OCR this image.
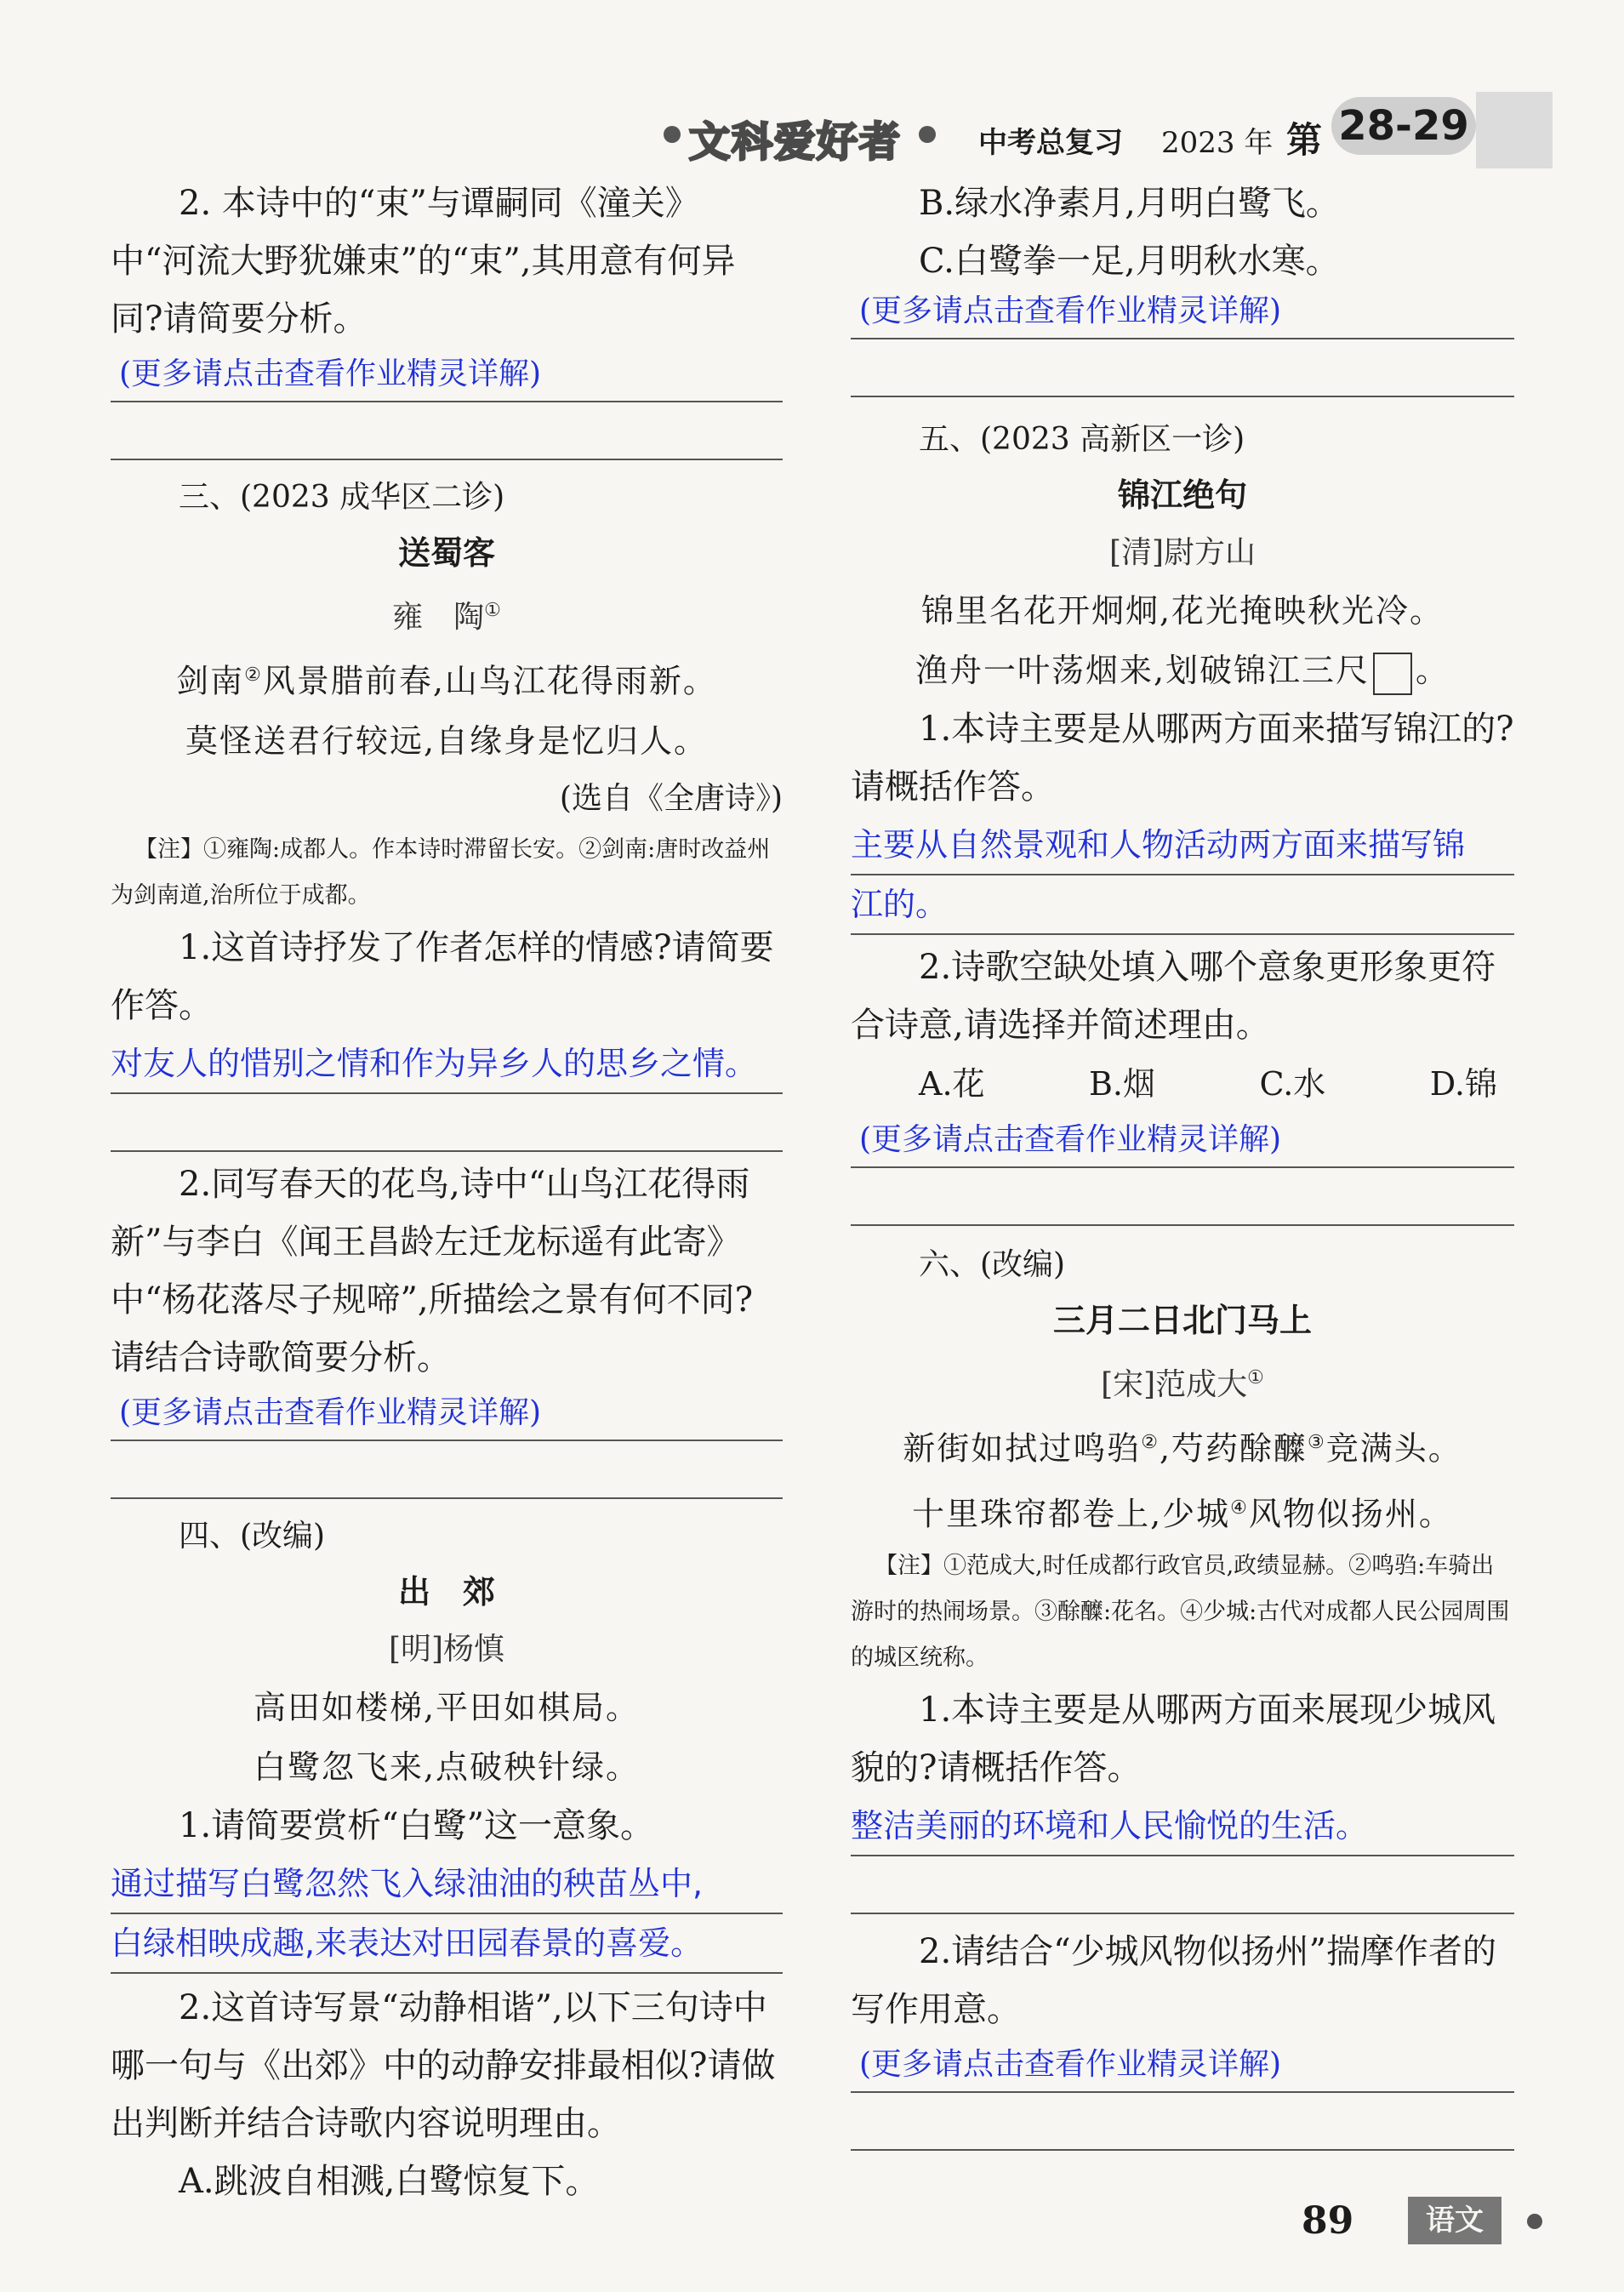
文科爱好者	中考总复习 2023 年 第 28-29

2. 本诗中的“束”与谭嗣同《潼关》中“河流大野犹嫌束”的“束”,其用意有何异同?请简要分析。

(更多请点击查看作业精灵详解)

三、(2023 成华区二诊)

送蜀客

雍　陶①

剑南②风景腊前春,山鸟江花得雨新。

莫怪送君行较远,自缘身是忆归人。

(选自《全唐诗》)

【注】①雍陶:成都人。作本诗时滞留长安。②剑南:唐时改益州为剑南道,治所位于成都。

1.这首诗抒发了作者怎样的情感?请简要作答。

对友人的惜别之情和作为异乡人的思乡之情。

2.同写春天的花鸟,诗中“山鸟江花得雨新”与李白《闻王昌龄左迁龙标遥有此寄》中“杨花落尽子规啼”,所描绘之景有何不同?请结合诗歌简要分析。

(更多请点击查看作业精灵详解)

四、(改编)

出　郊

[明]杨慎

高田如楼梯,平田如棋局。

白鹭忽飞来,点破秧针绿。

1.请简要赏析“白鹭”这一意象。

通过描写白鹭忽然飞入绿油油的秧苗丛中,

白绿相映成趣,来表达对田园春景的喜爱。

2.这首诗写景“动静相谐”,以下三句诗中哪一句与《出郊》中的动静安排最相似?请做出判断并结合诗歌内容说明理由。

A.跳波自相溅,白鹭惊复下。

B.绿水净素月,月明白鹭飞。

C.白鹭拳一足,月明秋水寒。

(更多请点击查看作业精灵详解)

五、(2023 高新区一诊)

锦江绝句

[清]尉方山

锦里名花开炯炯,花光掩映秋光冷。

渔舟一叶荡烟来,划破锦江三尺 。

1.本诗主要是从哪两方面来描写锦江的?请概括作答。

主要从自然景观和人物活动两方面来描写锦

江的。

2.诗歌空缺处填入哪个意象更形象更符合诗意,请选择并简述理由。

A.花	B.烟	C.水	D.锦

(更多请点击查看作业精灵详解)

六、(改编)

三月二日北门马上

[宋]范成大①

新街如拭过鸣驺②,芍药酴醾③竞满头。

十里珠帘都卷上,少城④风物似扬州。

【注】①范成大,时任成都行政官员,政绩显赫。②鸣驺:车骑出游时的热闹场景。③酴醾:花名。④少城:古代对成都人民公园周围的城区统称。

1.本诗主要是从哪两方面来展现少城风貌的?请概括作答。

整洁美丽的环境和人民愉悦的生活。

2.请结合“少城风物似扬州”揣摩作者的写作用意。

(更多请点击查看作业精灵详解)

89	语文
